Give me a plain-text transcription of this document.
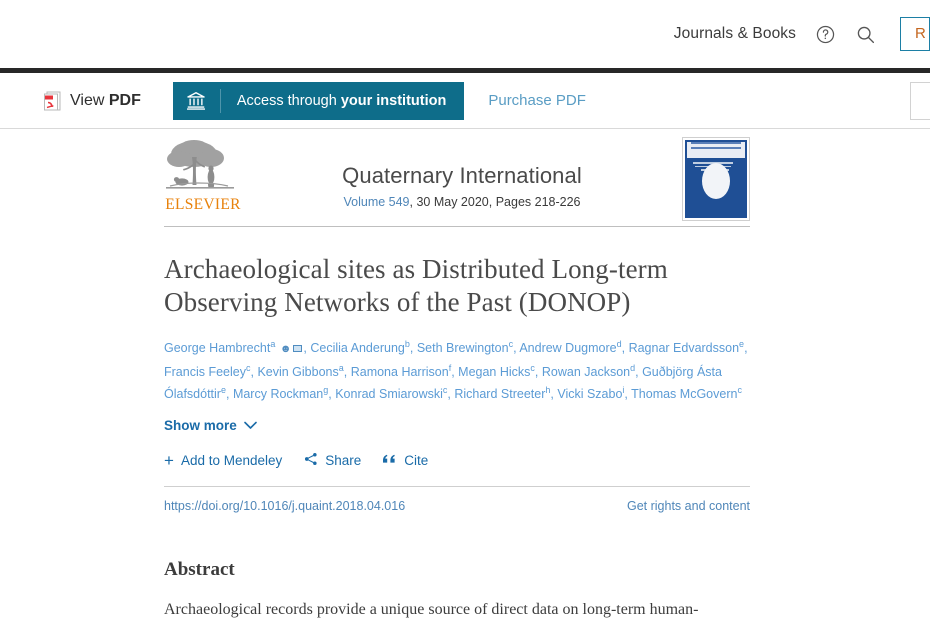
Journals & Books	R
View PDF	Access through your institution	Purchase PDF
ELSEVIER
Quaternary International
Volume 549, 30 May 2020, Pages 218-226
Archaeological sites as Distributed Long-term Observing Networks of the Past (DONOP)
George Hambrecht$^a$ ☻ , Cecilia Anderung$^b$, Seth Brewington$^c$, Andrew Dugmore$^d$, Ragnar Edvardsson$^e$, Francis Feeley$^c$, Kevin Gibbons$^a$, Ramona Harrison$^f$, Megan Hicks$^c$, Rowan Jackson$^d$, Guðbjörg Ásta Ólafsdóttir$^e$, Marcy Rockman$^g$, Konrad Smiarowski$^c$, Richard Streeter$^h$, Vicki Szabo$^i$, Thomas McGovern$^c$
Show more
+ Add to Mendeley	Share	Cite
https://doi.org/10.1016/j.quaint.2018.04.016	Get rights and content
Abstract
Archaeological records provide a unique source of direct data on long-term human-
